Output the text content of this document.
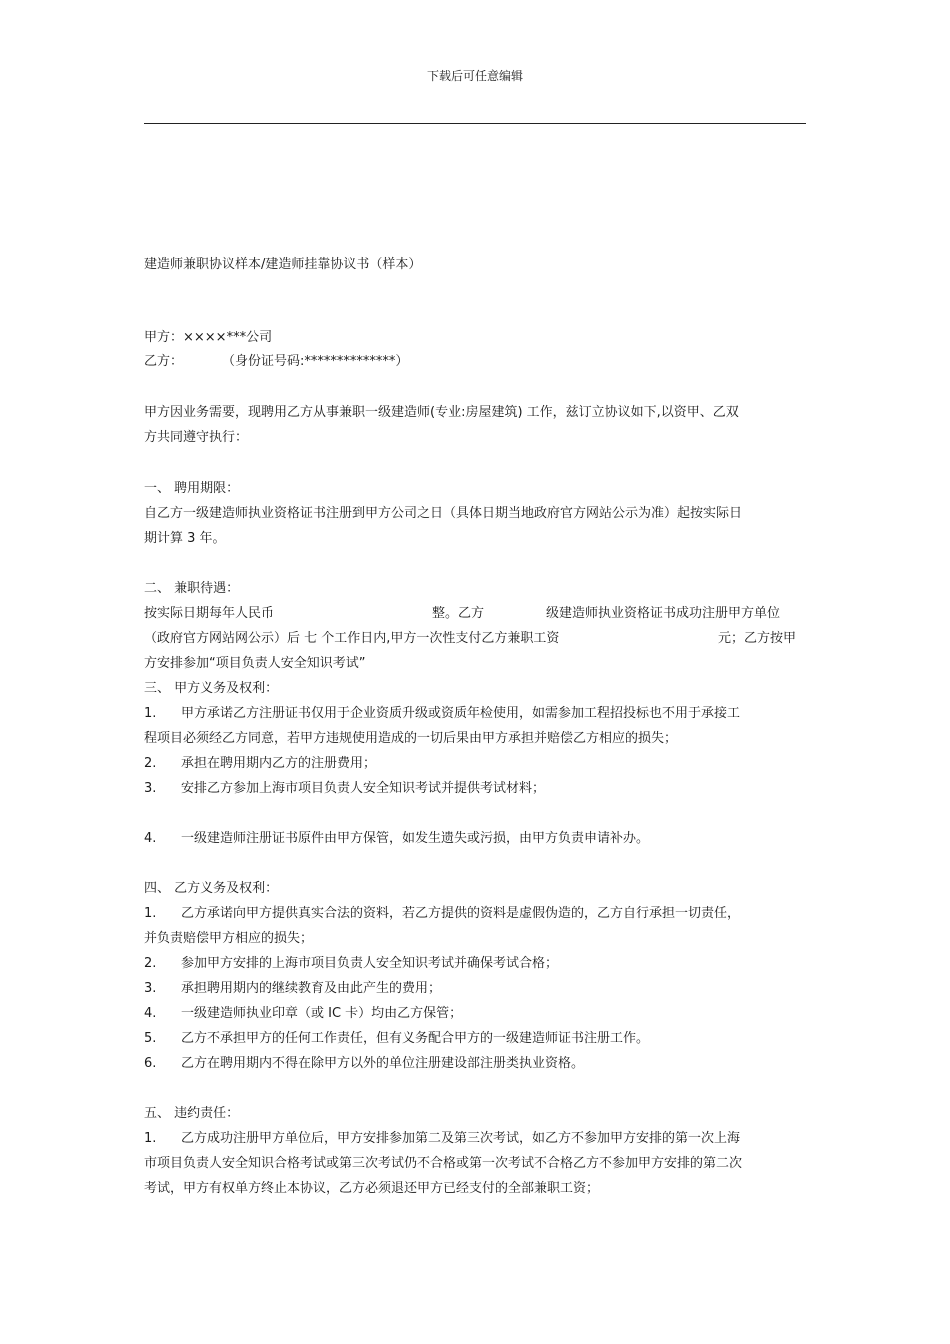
下载后可任意编辑
建造师兼职协议样本/建造师挂靠协议书（样本）
甲方：××××***公司
乙方：	（身份证号码:**************）
甲方因业务需要，现聘用乙方从事兼职一级建造师(专业:房屋建筑) 工作，兹订立协议如下,以资甲、乙双
方共同遵守执行：
一、 聘用期限：
自乙方一级建造师执业资格证书注册到甲方公司之日（具体日期当地政府官方网站公示为准）起按实际日
期计算 3 年。
二、 兼职待遇：
按实际日期每年人民币	整。乙方	级建造师执业资格证书成功注册甲方单位
（政府官方网站网公示）后 七 个工作日内,甲方一次性支付乙方兼职工资	元；乙方按甲
方安排参加“项目负责人安全知识考试”
三、 甲方义务及权利：
1. 甲方承诺乙方注册证书仅用于企业资质升级或资质年检使用，如需参加工程招投标也不用于承接工
程项目必须经乙方同意，若甲方违规使用造成的一切后果由甲方承担并赔偿乙方相应的损失；
2. 承担在聘用期内乙方的注册费用；
3. 安排乙方参加上海市项目负责人安全知识考试并提供考试材料；
4. 一级建造师注册证书原件由甲方保管，如发生遗失或污损，由甲方负责申请补办。
四、 乙方义务及权利：
1. 乙方承诺向甲方提供真实合法的资料，若乙方提供的资料是虚假伪造的，乙方自行承担一切责任，
并负责赔偿甲方相应的损失；
2. 参加甲方安排的上海市项目负责人安全知识考试并确保考试合格；
3. 承担聘用期内的继续教育及由此产生的费用；
4. 一级建造师执业印章（或 IC 卡）均由乙方保管；
5. 乙方不承担甲方的任何工作责任，但有义务配合甲方的一级建造师证书注册工作。
6. 乙方在聘用期内不得在除甲方以外的单位注册建设部注册类执业资格。
五、 违约责任：
1. 乙方成功注册甲方单位后，甲方安排参加第二及第三次考试，如乙方不参加甲方安排的第一次上海
市项目负责人安全知识合格考试或第三次考试仍不合格或第一次考试不合格乙方不参加甲方安排的第二次
考试，甲方有权单方终止本协议，乙方必须退还甲方已经支付的全部兼职工资；
